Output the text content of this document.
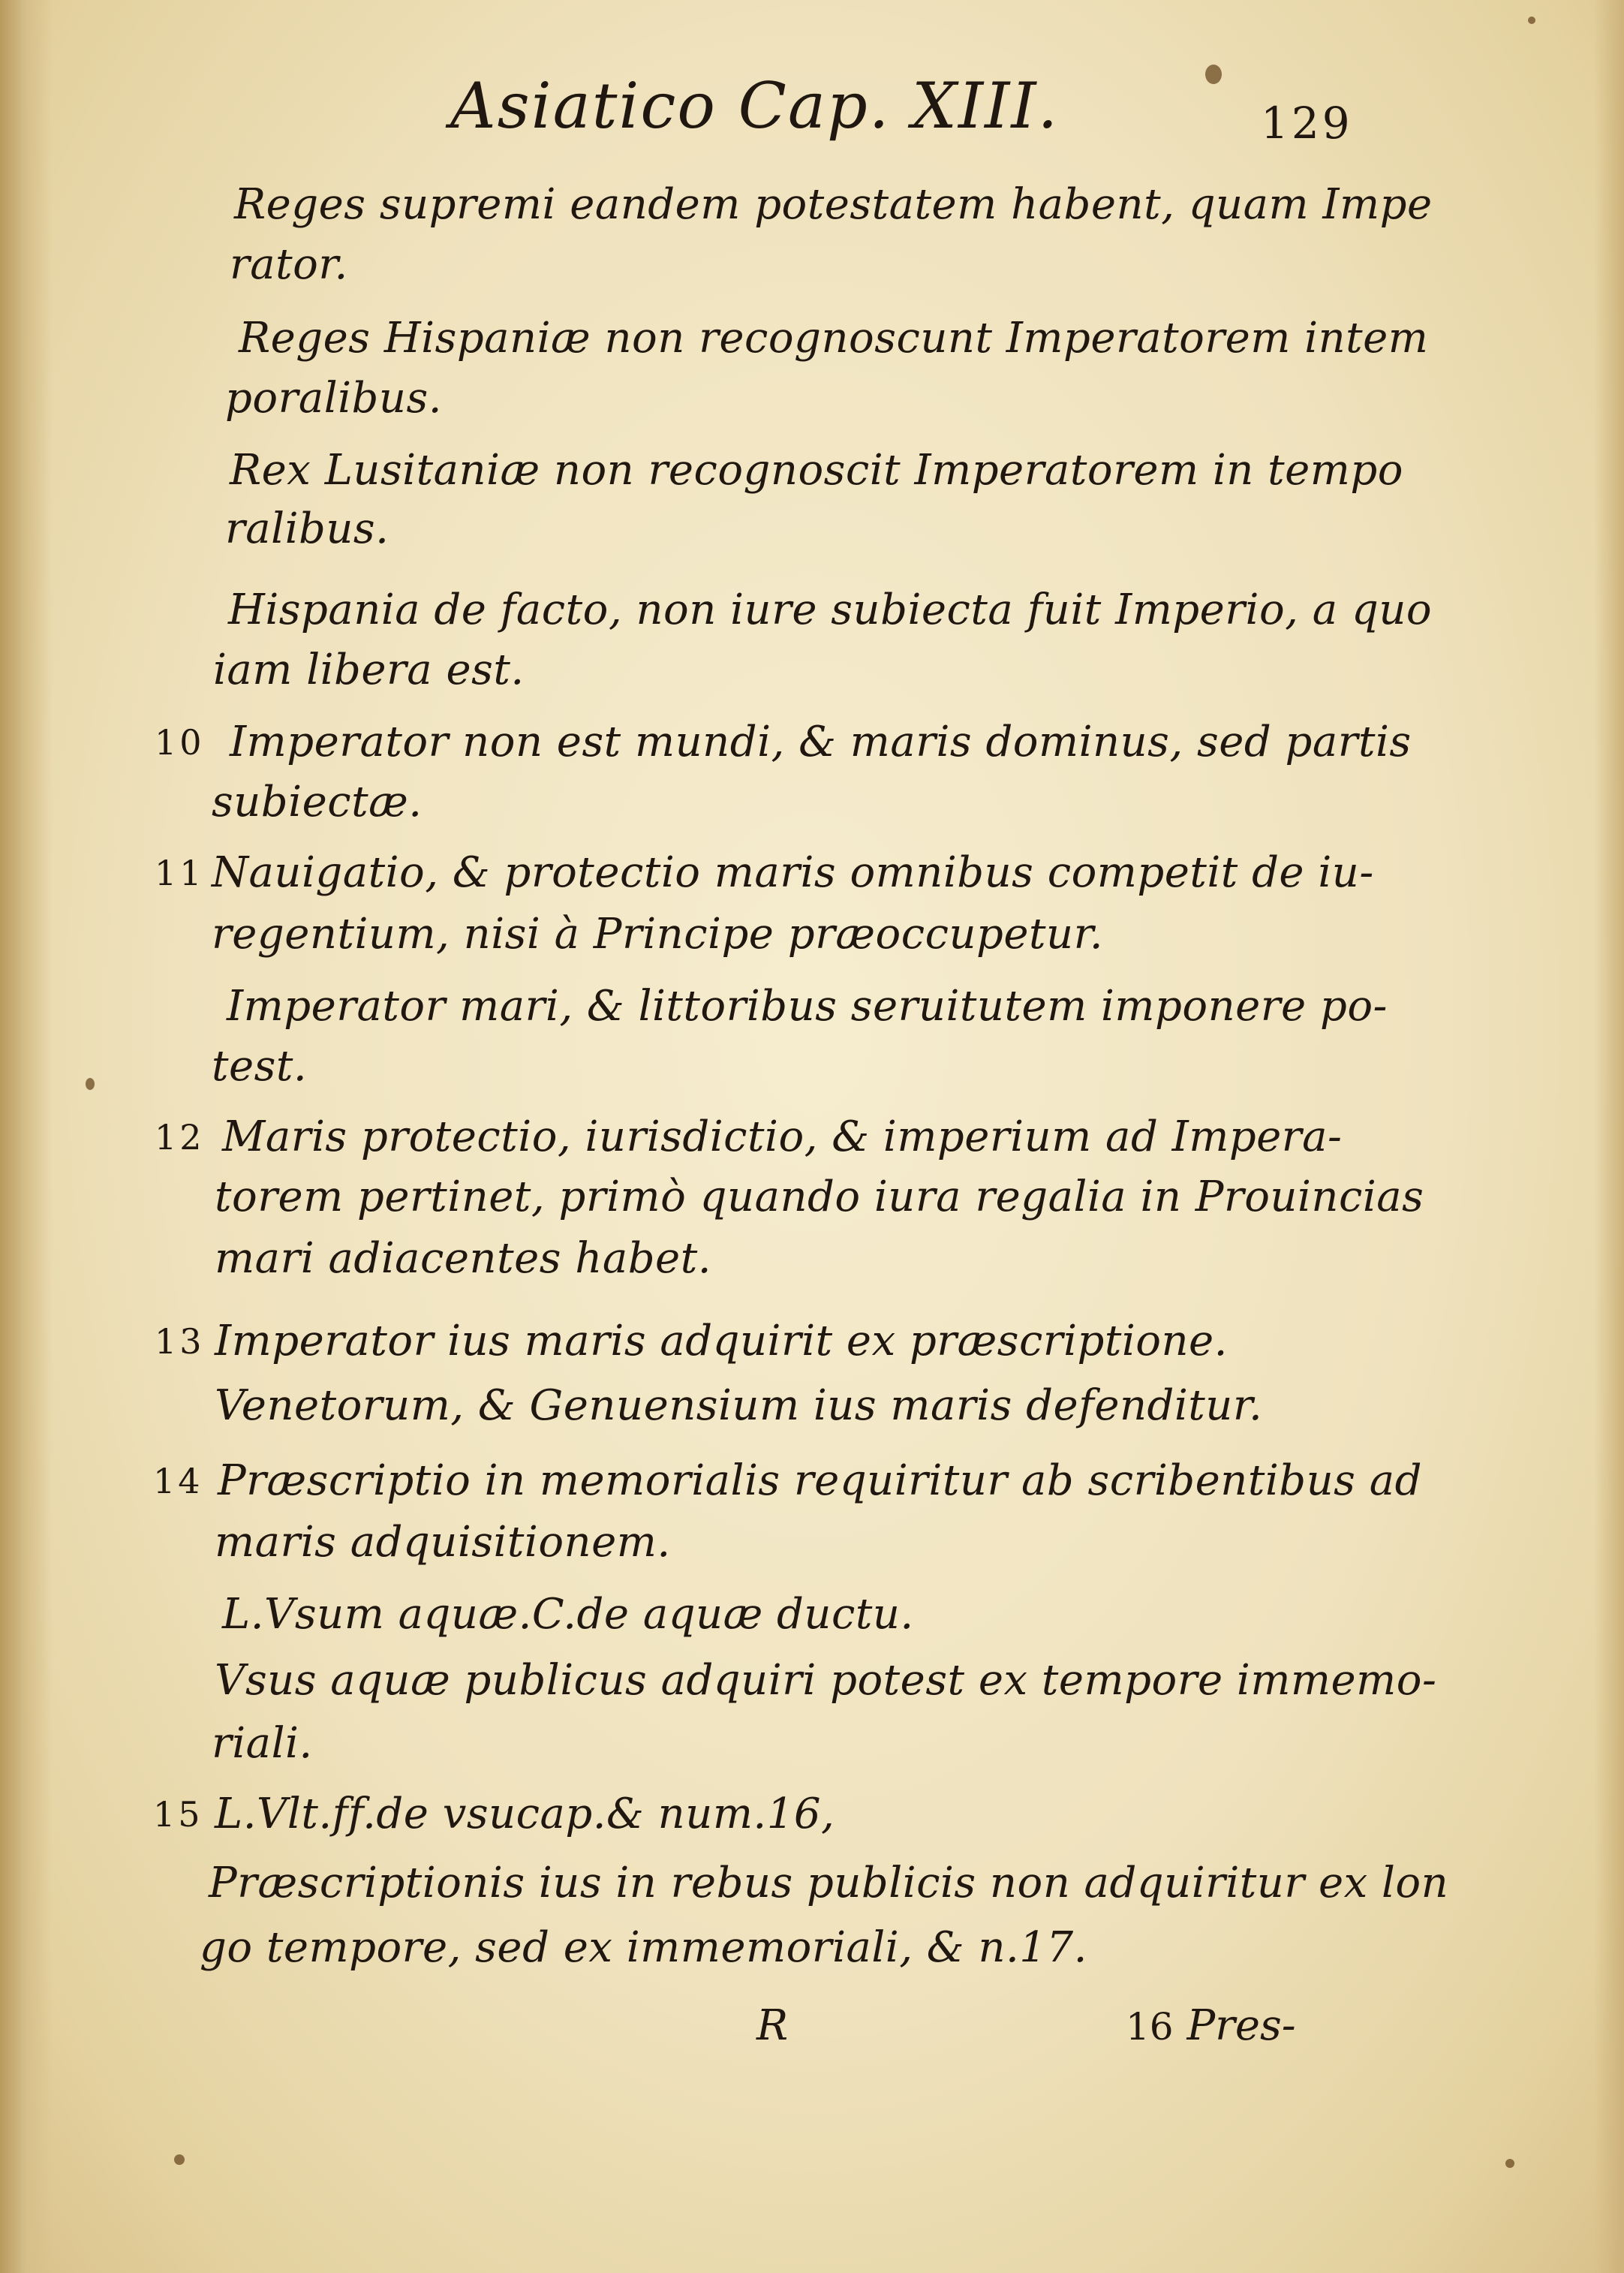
Asiatico Cap. XIII.	129
Reges supremi eandem potestatem habent, quam Impe
rator.
Reges Hispaniæ non recognoscunt Imperatorem intem
poralibus.
Rex Lusitaniæ non recognoscit Imperatorem in tempo
ralibus.
Hispania de facto, non iure subiecta fuit Imperio, a quo
iam libera est.
10 Imperator non est mundi, & maris dominus, sed partis
subiectæ.
11 Nauigatio, & protectio maris omnibus competit de iu-
regentium, nisi à Principe præoccupetur.
Imperator mari, & littoribus seruitutem imponere po-
test.
12 Maris protectio, iurisdictio, & imperium ad Impera-
torem pertinet, primò quando iura regalia in Prouincias
mari adiacentes habet.
13 Imperator ius maris adquirit ex præscriptione.
Venetorum, & Genuensium ius maris defenditur.
14 Præscriptio in memorialis requiritur ab scribentibus ad
maris adquisitionem.
L.Vsum aquæ.C.de aquæ ductu.
Vsus aquæ publicus adquiri potest ex tempore immemo-
riali.
15 L.Vlt.ff.de vsucap.& num.16,
Præscriptionis ius in rebus publicis non adquiritur ex lon
go tempore, sed ex immemoriali, & n.17.
R	16 Pres-
